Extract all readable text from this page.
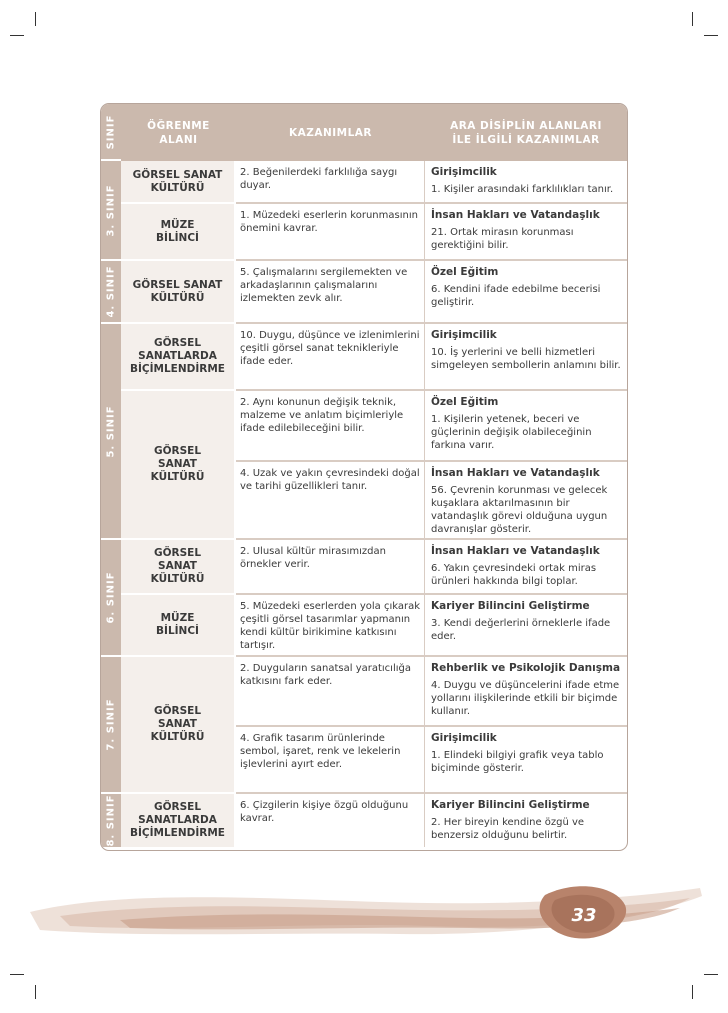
SINIF	ÖĞRENME ALANI
KAZANIMLAR
ARA DİSİPLİN ALANLARI İLE İLGİLİ KAZANIMLAR
3. SINIF
4. SINIF
5. SINIF
6. SINIF
7. SINIF
8. SINIF
GÖRSEL SANAT KÜLTÜRÜ
MÜZE BİLİNCİ
GÖRSEL SANAT KÜLTÜRÜ
GÖRSEL SANATLARDA BİÇİMLENDİRME
GÖRSEL SANAT KÜLTÜRÜ
GÖRSEL SANAT KÜLTÜRÜ
MÜZE BİLİNCİ
GÖRSEL SANAT KÜLTÜRÜ
GÖRSEL SANATLARDA BİÇİMLENDİRME
2. Beğenilerdeki farklılığa saygı duyar.
1. Müzedeki eserlerin korunmasının önemini kavrar.
5. Çalışmalarını sergilemekten ve arkadaşlarının çalışmalarını izlemekten zevk alır.
10. Duygu, düşünce ve izlenimlerini çeşitli görsel sanat teknikleriyle ifade eder.
2. Aynı konunun değişik teknik, malzeme ve anlatım biçimleriyle ifade edilebileceğini bilir.
4. Uzak ve yakın çevresindeki doğal ve tarihi güzellikleri tanır.
2. Ulusal kültür mirasımızdan örnekler verir.
5. Müzedeki eserlerden yola çıkarak çeşitli görsel tasarımlar yapmanın kendi kültür birikimine katkısını tartışır.
2. Duyguların sanatsal yaratıcılığa katkısını fark eder.
4. Grafik tasarım ürünlerinde sembol, işaret, renk ve lekelerin işlevlerini ayırt eder.
6. Çizgilerin kişiye özgü olduğunu kavrar.
Girişimcilik
1. Kişiler arasındaki farklılıkları tanır.
İnsan Hakları ve Vatandaşlık
21. Ortak mirasın korunması gerektiğini bilir.
Özel Eğitim
6. Kendini ifade edebilme becerisi geliştirir.
Girişimcilik
10. İş yerlerini ve belli hizmetleri simgeleyen sembollerin anlamını bilir.
Özel Eğitim
1. Kişilerin yetenek, beceri ve güçlerinin değişik olabileceğinin farkına varır.
İnsan Hakları ve Vatandaşlık
56. Çevrenin korunması ve gelecek kuşaklara aktarılmasının bir vatandaşlık görevi olduğuna uygun davranışlar gösterir.
İnsan Hakları ve Vatandaşlık
6. Yakın çevresindeki ortak miras ürünleri hakkında bilgi toplar.
Kariyer Bilincini Geliştirme
3. Kendi değerlerini örneklerle ifade eder.
Rehberlik ve Psikolojik Danışma
4. Duygu ve düşüncelerini ifade etme yollarını ilişkilerinde etkili bir biçimde kullanır.
Girişimcilik
1. Elindeki bilgiyi grafik veya tablo biçiminde gösterir.
Kariyer Bilincini Geliştirme
2. Her bireyin kendine özgü ve benzersiz olduğunu belirtir.
33
